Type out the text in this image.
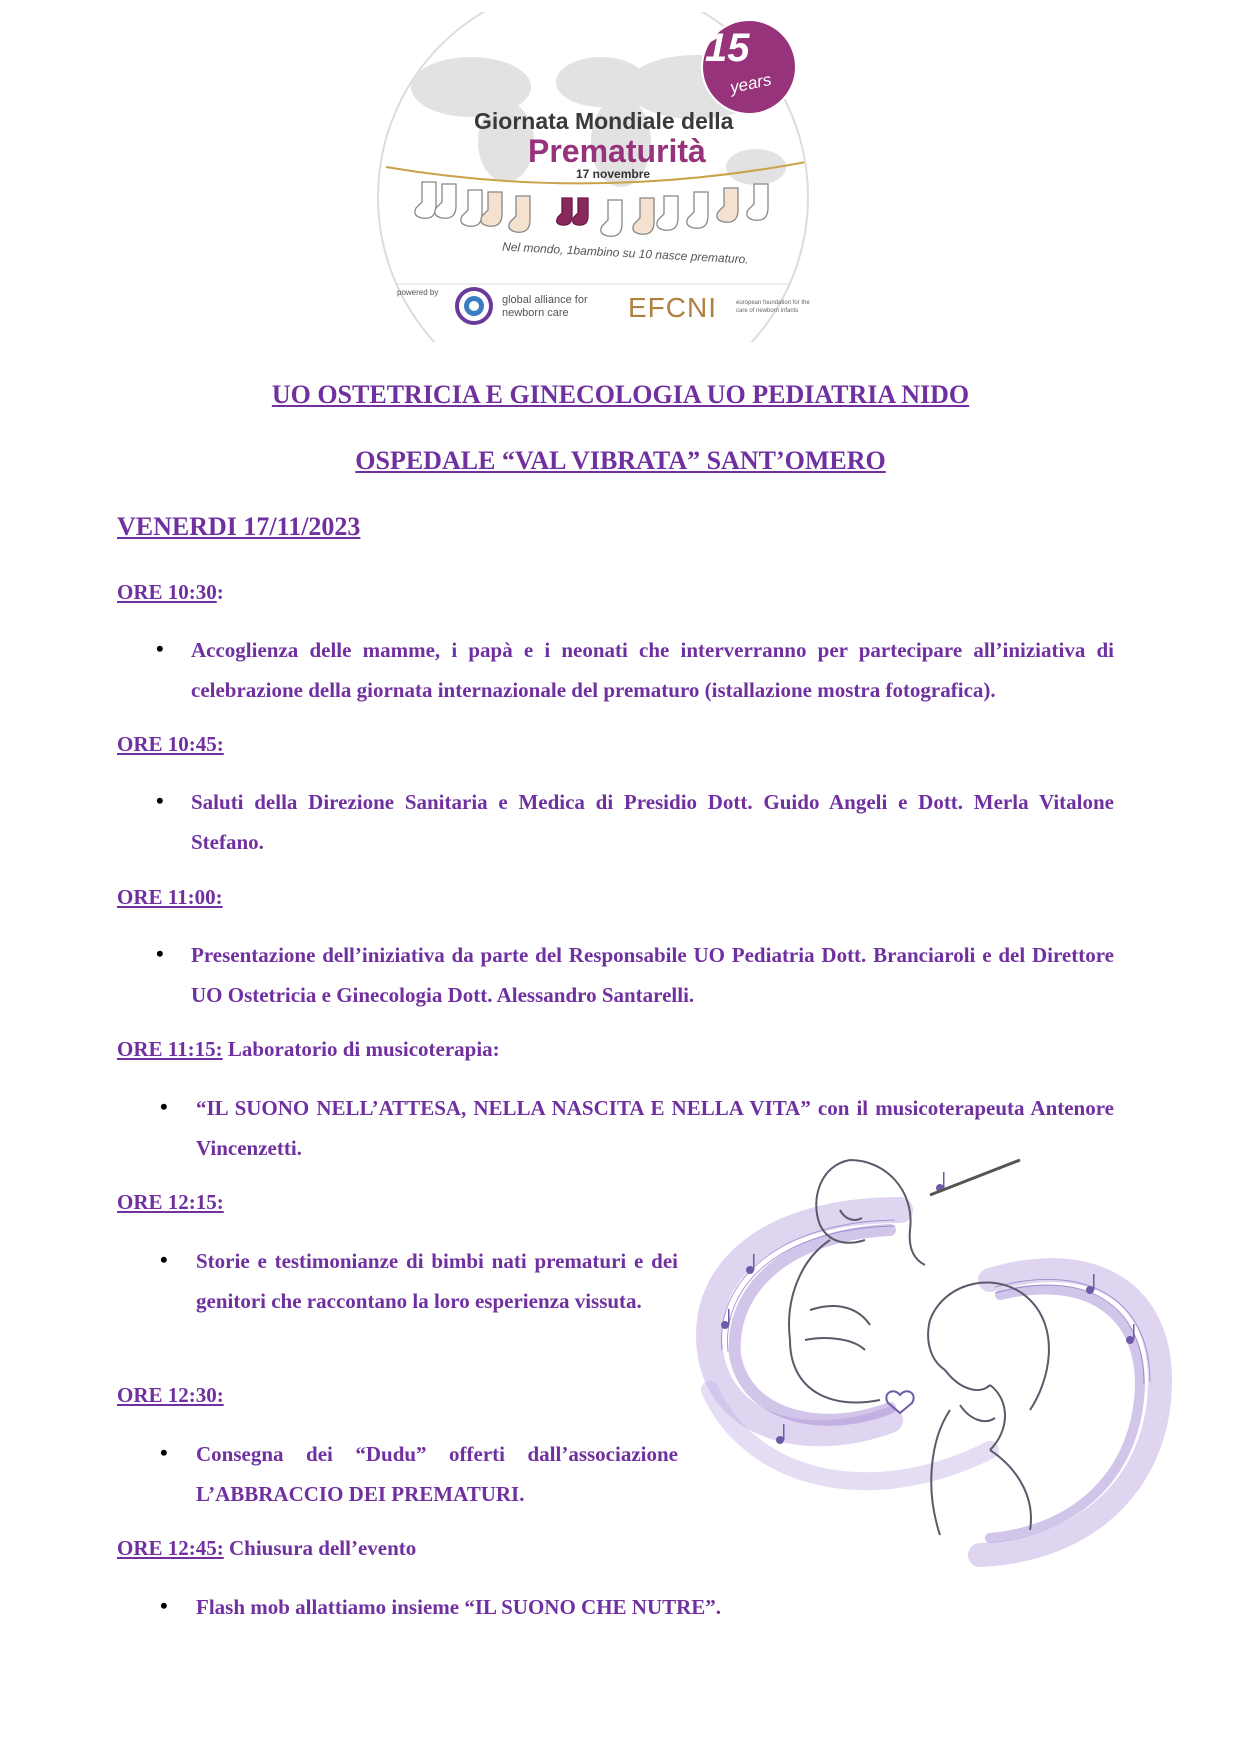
Giornata Mondiale della
Prematurità
17 novembre
Nel mondo, 1bambino su 10 nasce prematuro.
powered by
global alliance for newborn care	EFCNI	european foundation for the care of newborn infants
15
years
UO OSTETRICIA E GINECOLOGIA UO PEDIATRIA NIDO
OSPEDALE “VAL VIBRATA” SANT’OMERO
VENERDI 17/11/2023
ORE 10:30:
• Accoglienza delle mamme, i papà e i neonati che interverranno per partecipare all’iniziativa di celebrazione della giornata internazionale del prematuro (istallazione mostra fotografica).
ORE 10:45:
• Saluti della Direzione Sanitaria e Medica di Presidio Dott. Guido Angeli e Dott. Merla Vitalone Stefano.
ORE 11:00:
• Presentazione dell’iniziativa da parte del Responsabile UO Pediatria Dott. Branciaroli e del Direttore UO Ostetricia e Ginecologia Dott. Alessandro Santarelli.
ORE 11:15: Laboratorio di musicoterapia:
• “IL SUONO NELL’ATTESA, NELLA NASCITA E NELLA VITA” con il musicoterapeuta Antenore Vincenzetti.
ORE 12:15:
• Storie e testimonianze di bimbi nati prematuri e dei genitori che raccontano la loro esperienza vissuta.
ORE 12:30:
• Consegna dei “Dudu” offerti dall’associazione L’ABBRACCIO DEI PREMATURI.
ORE 12:45: Chiusura dell’evento
• Flash mob allattiamo insieme “IL SUONO CHE NUTRE”.
